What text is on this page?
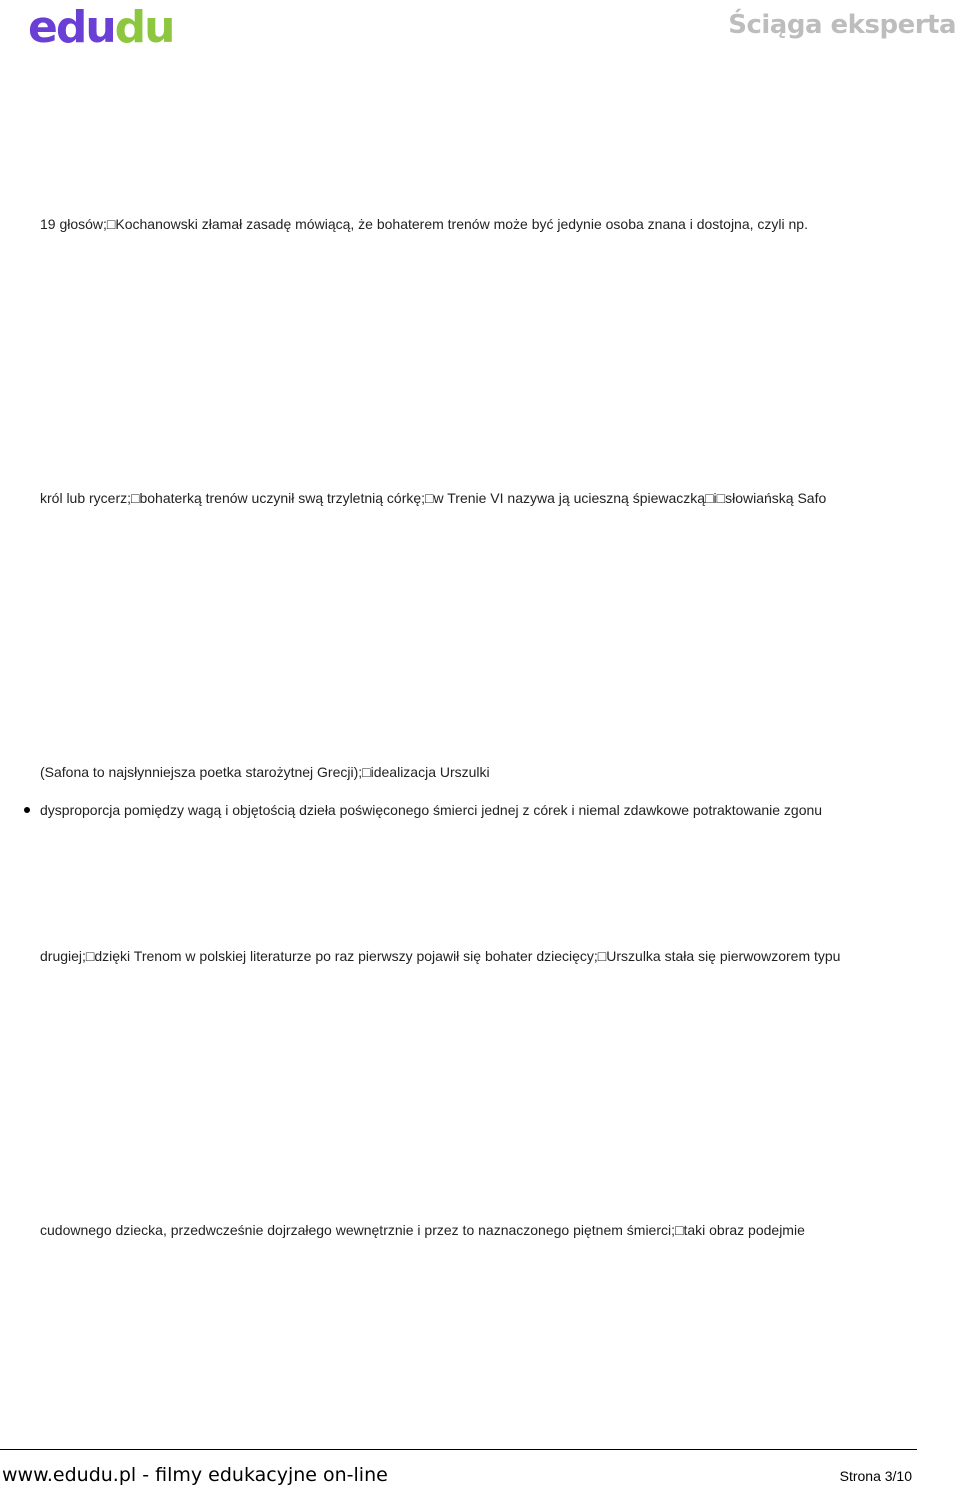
edudu	Ściąga eksperta
19 głosów;□Kochanowski złamał zasadę mówiącą, że bohaterem trenów może być jedynie osoba znana i dostojna, czyli np.
król lub rycerz;□bohaterką trenów uczynił swą trzyletnią córkę;□w Trenie VI nazywa ją ucieszną śpiewaczką□i□słowiańską Safo
(Safona to najsłynniejsza poetka starożytnej Grecji);□idealizacja Urszulki
dysproporcja pomiędzy wagą i objętością dzieła poświęconego śmierci jednej z córek i niemal zdawkowe potraktowanie zgonu
drugiej;□dzięki Trenom w polskiej literaturze po raz pierwszy pojawił się bohater dziecięcy;□Urszulka stała się pierwowzorem typu
cudownego dziecka, przedwcześnie dojrzałego wewnętrznie i przez to naznaczonego piętnem śmierci;□taki obraz podejmie
www.edudu.pl - filmy edukacyjne on-line	Strona 3/10
